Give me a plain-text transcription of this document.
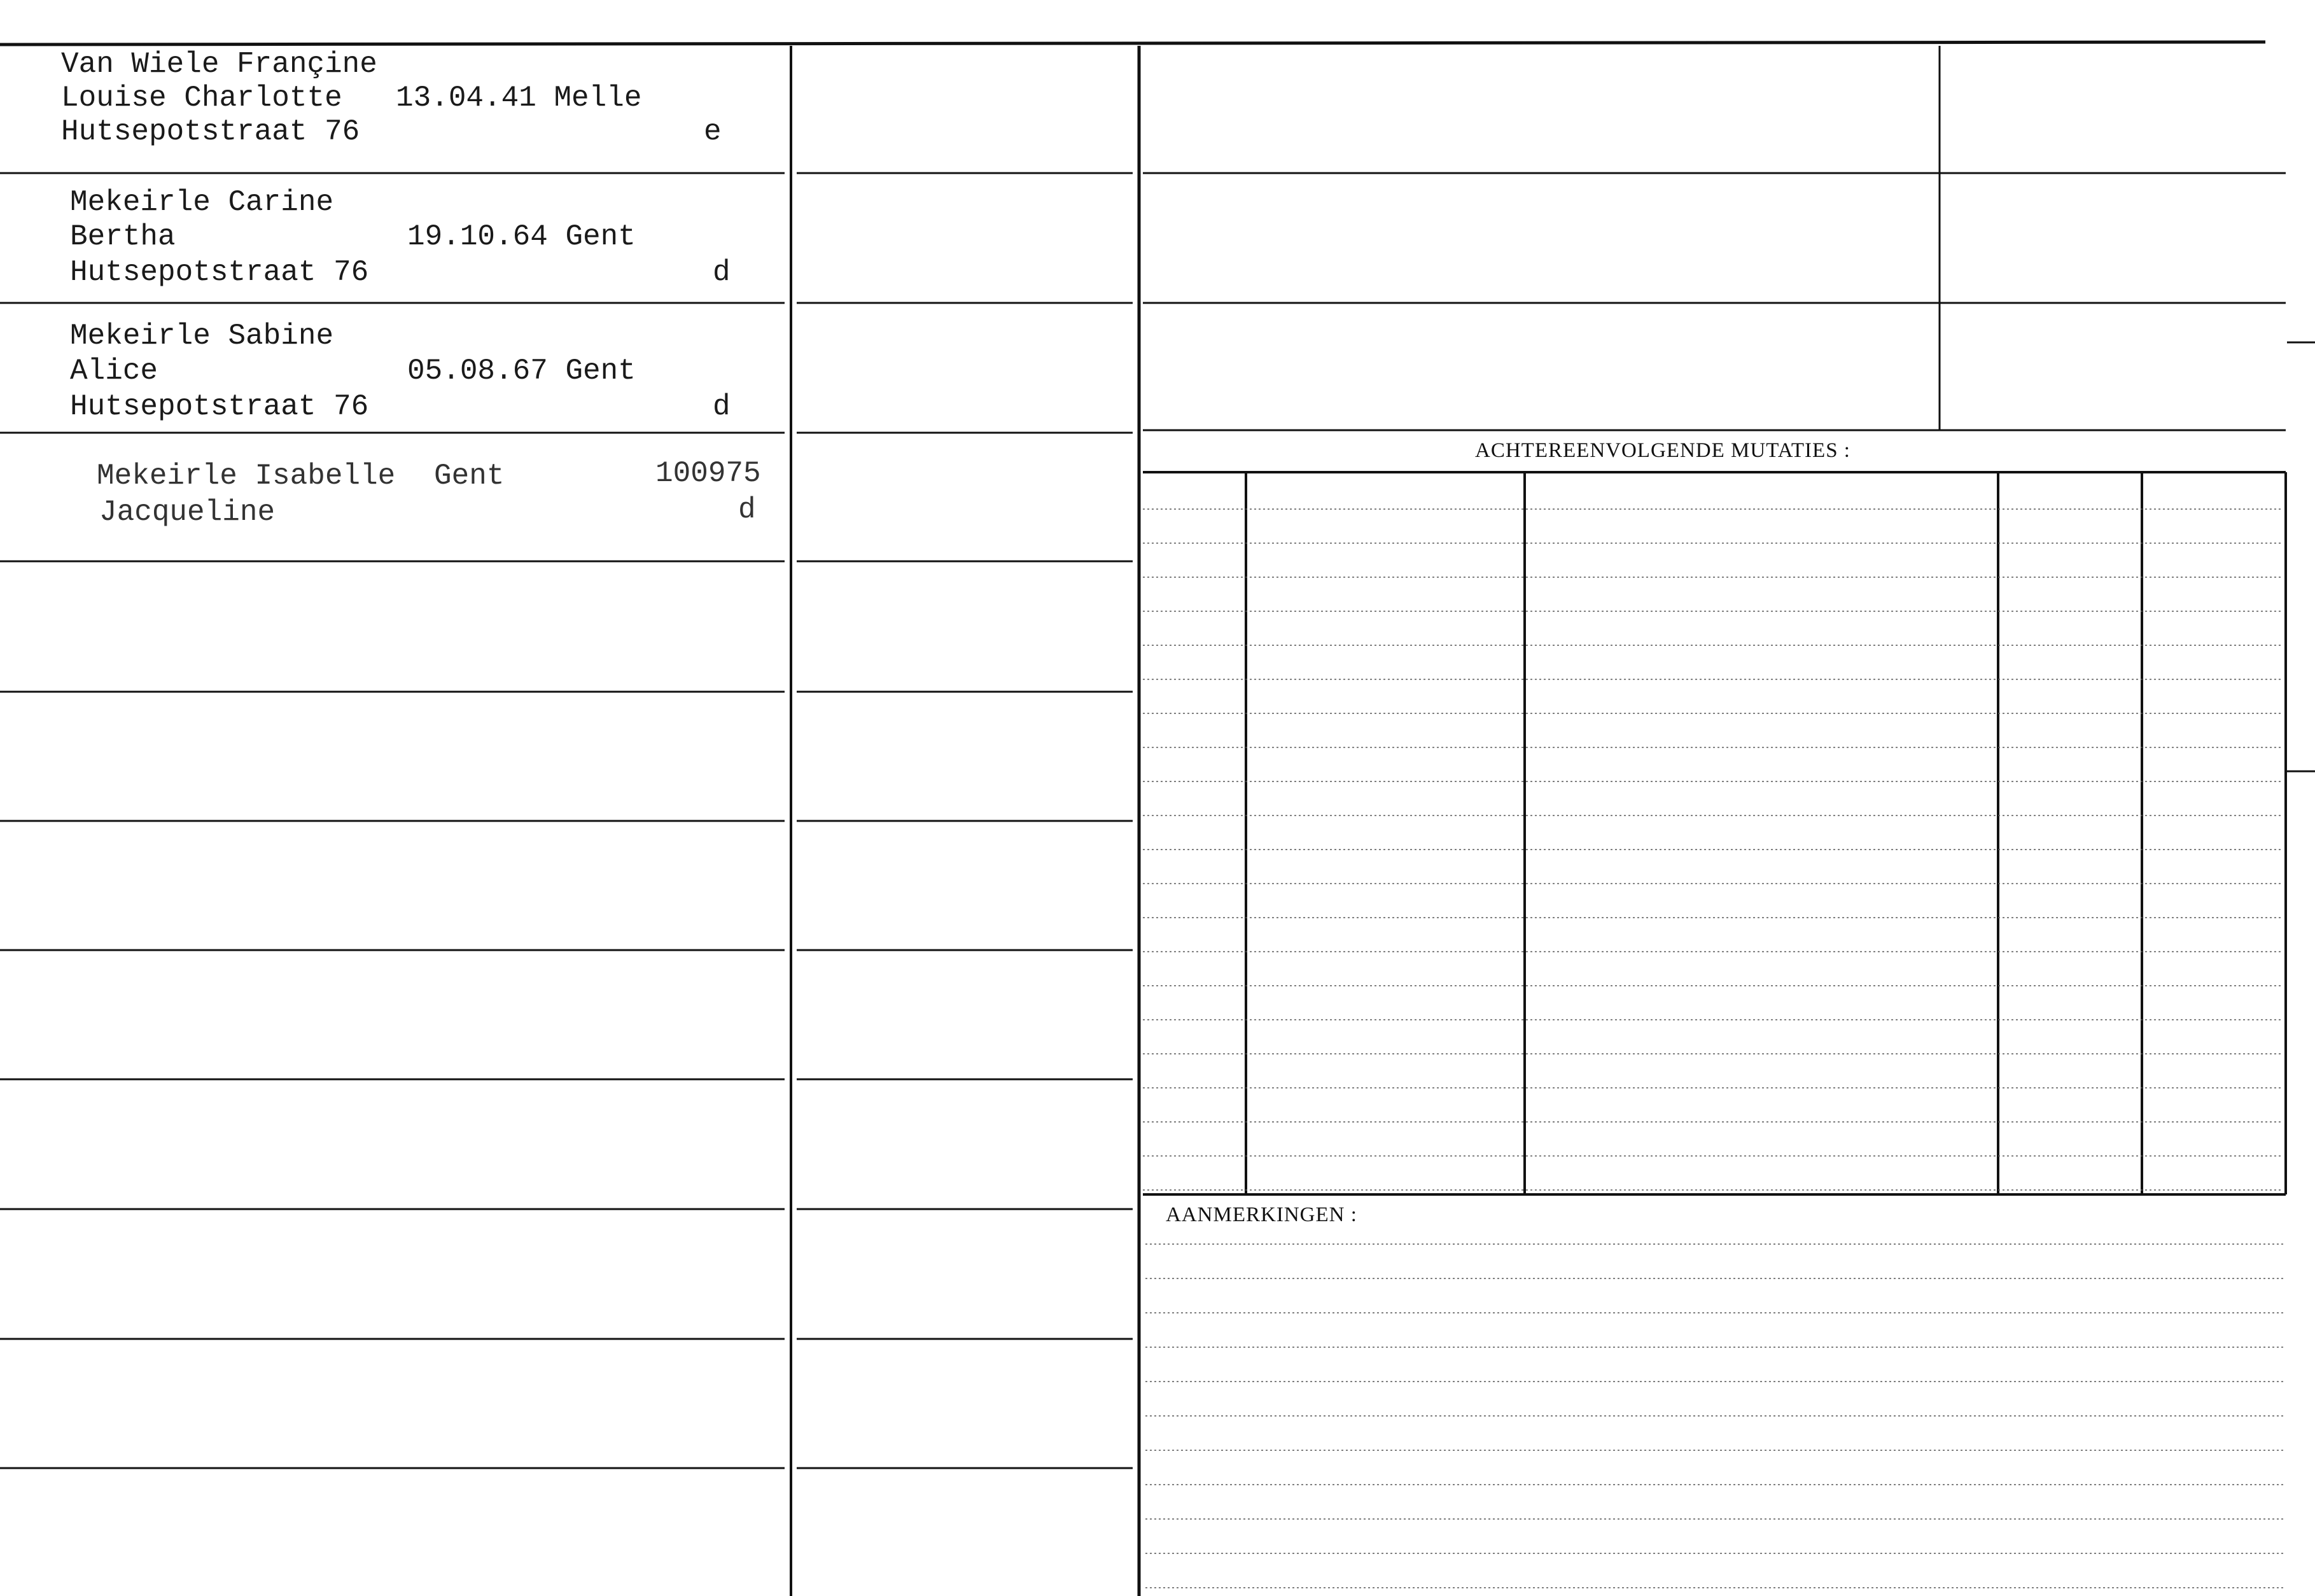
Van Wiele Françine
Louise Charlotte
Hutsepotstraat 76
13.04.41 Melle
e
Mekeirle Carine
Bertha
Hutsepotstraat 76
19.10.64 Gent
d
Mekeirle Sabine
Alice
Hutsepotstraat 76
05.08.67 Gent
d
Mekeirle Isabelle
Jacqueline
Gent	100975
d
ACHTEREENVOLGENDE MUTATIES :
AANMERKINGEN :
